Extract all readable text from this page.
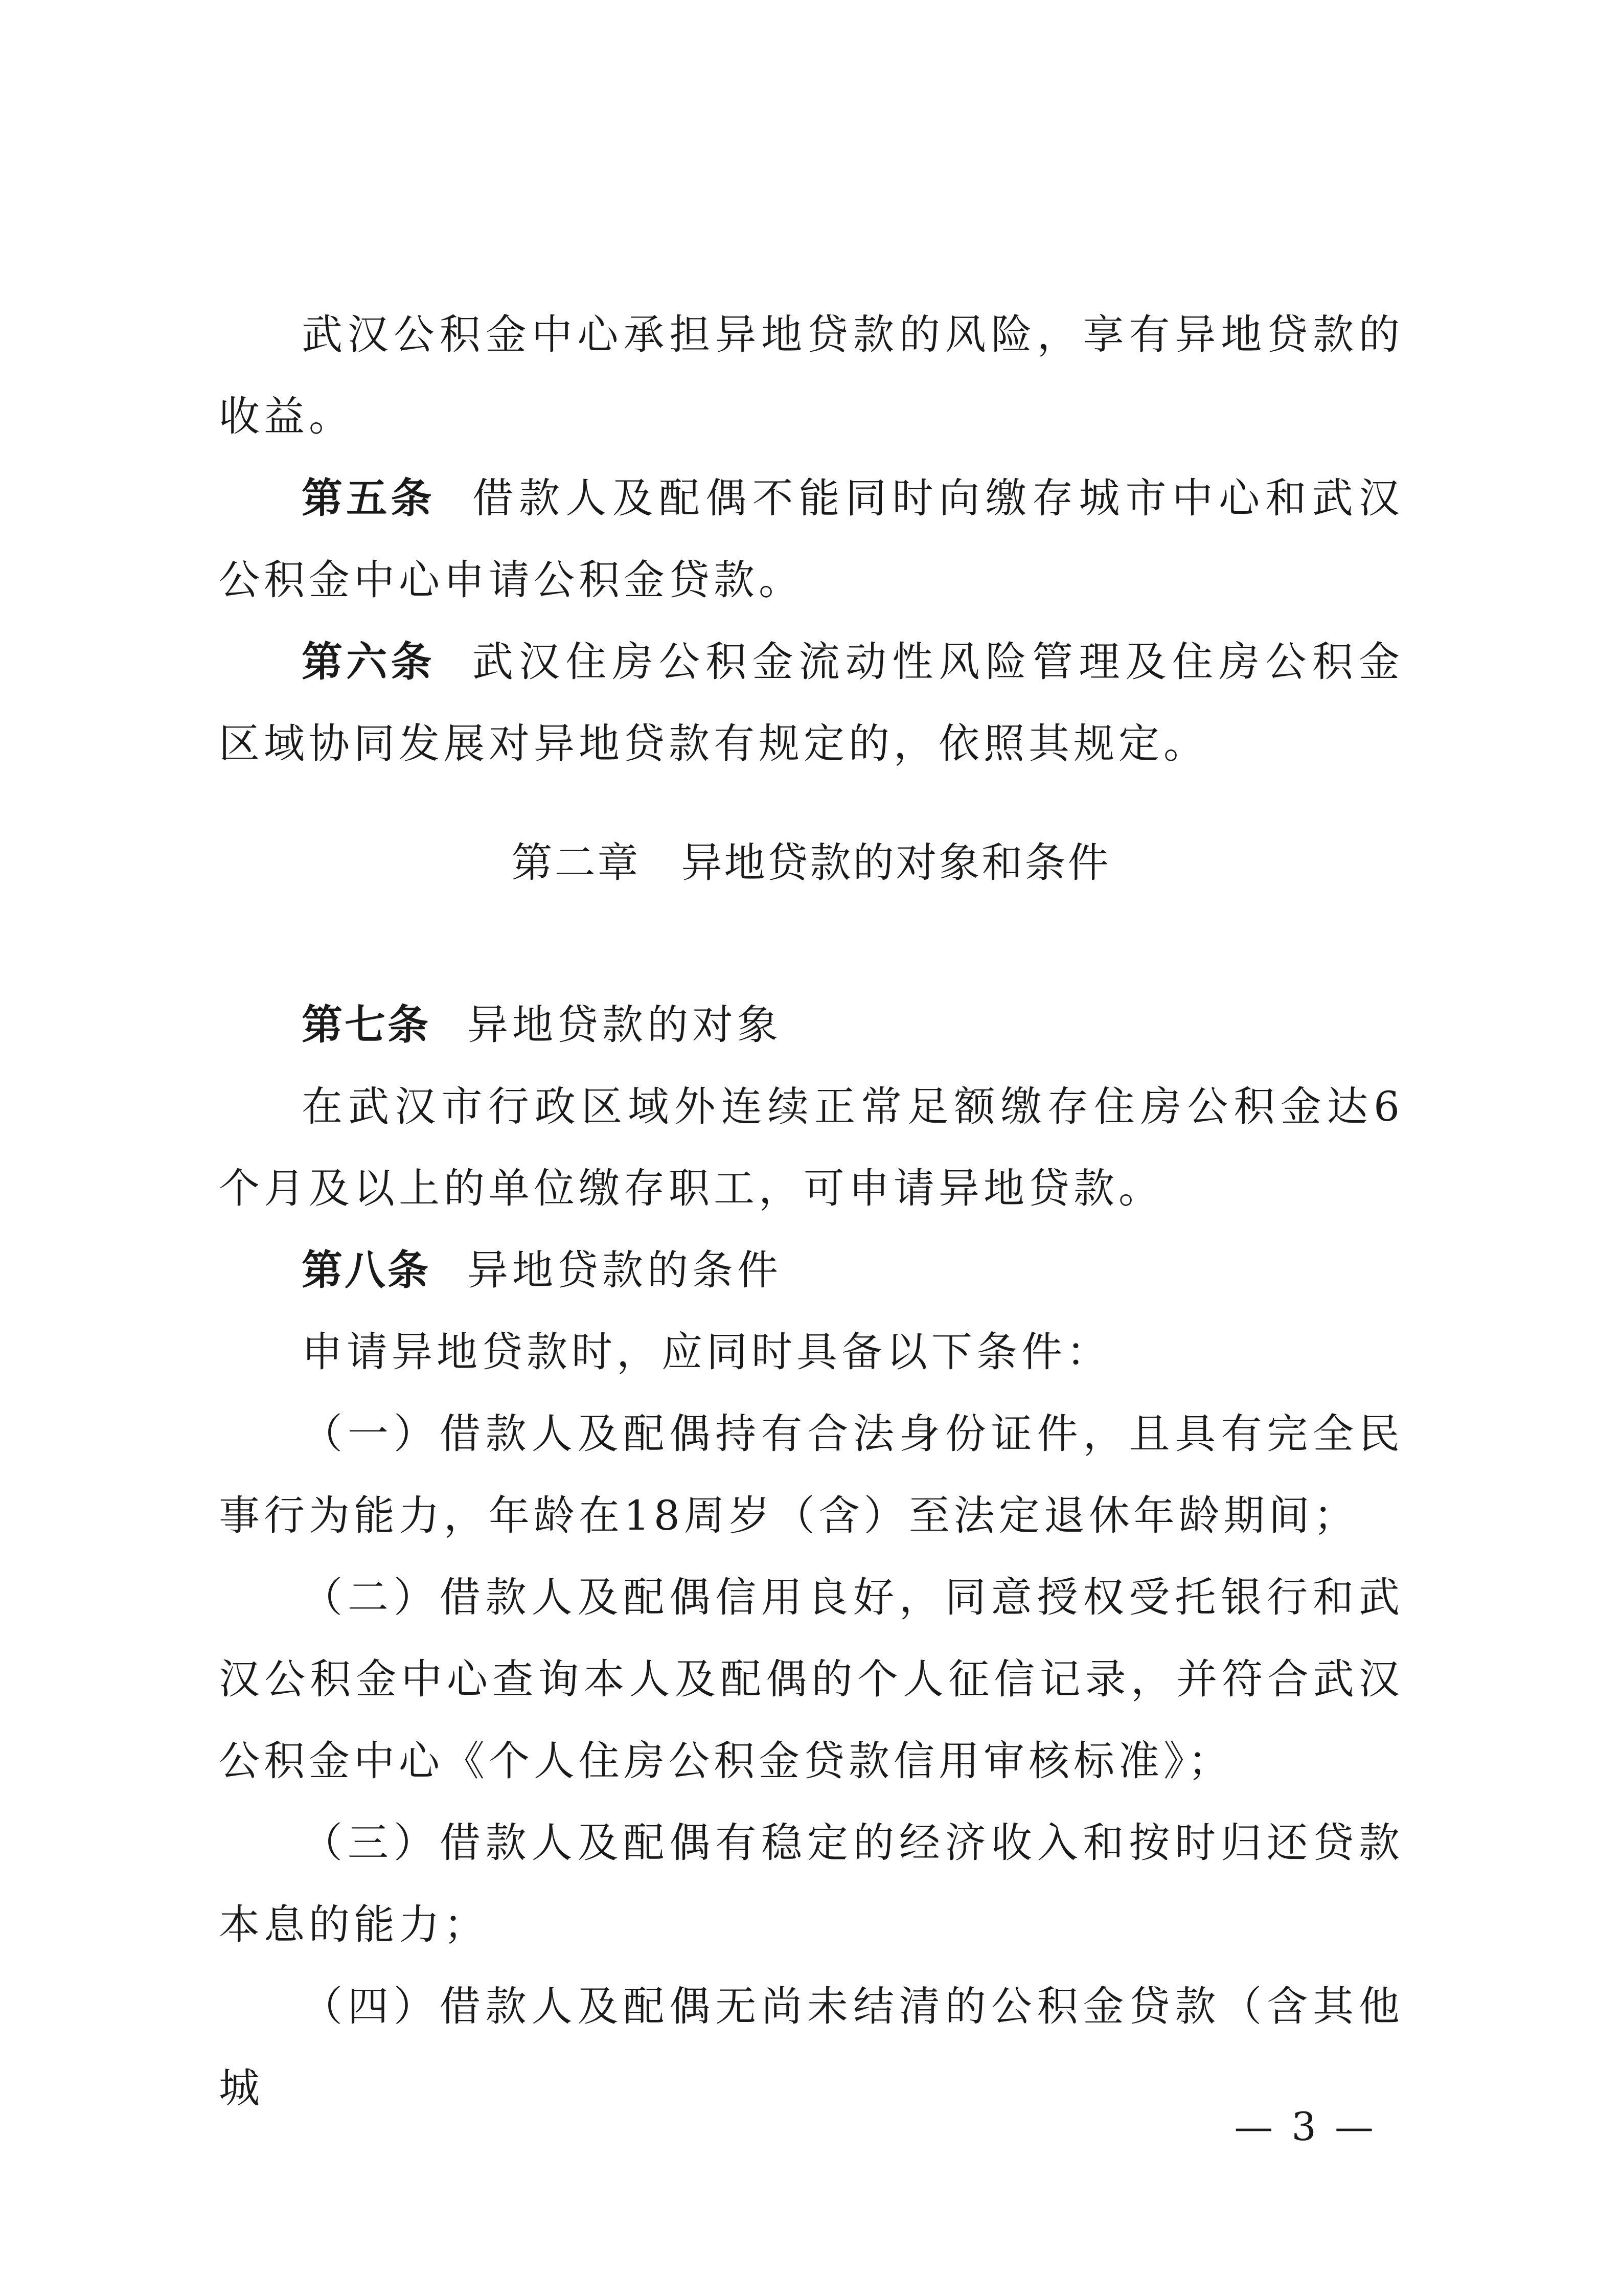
武汉公积金中心承担异地贷款的风险，享有异地贷款的收益。

第五条 借款人及配偶不能同时向缴存城市中心和武汉公积金中心申请公积金贷款。

第六条 武汉住房公积金流动性风险管理及住房公积金区域协同发展对异地贷款有规定的，依照其规定。

第二章 异地贷款的对象和条件

第七条 异地贷款的对象

在武汉市行政区域外连续正常足额缴存住房公积金达6个月及以上的单位缴存职工，可申请异地贷款。

第八条 异地贷款的条件

申请异地贷款时，应同时具备以下条件：

（一）借款人及配偶持有合法身份证件，且具有完全民事行为能力，年龄在18周岁（含）至法定退休年龄期间；

（二）借款人及配偶信用良好，同意授权受托银行和武汉公积金中心查询本人及配偶的个人征信记录，并符合武汉公积金中心《个人住房公积金贷款信用审核标准》；

（三）借款人及配偶有稳定的经济收入和按时归还贷款本息的能力；

（四）借款人及配偶无尚未结清的公积金贷款（含其他城

— 3 —
